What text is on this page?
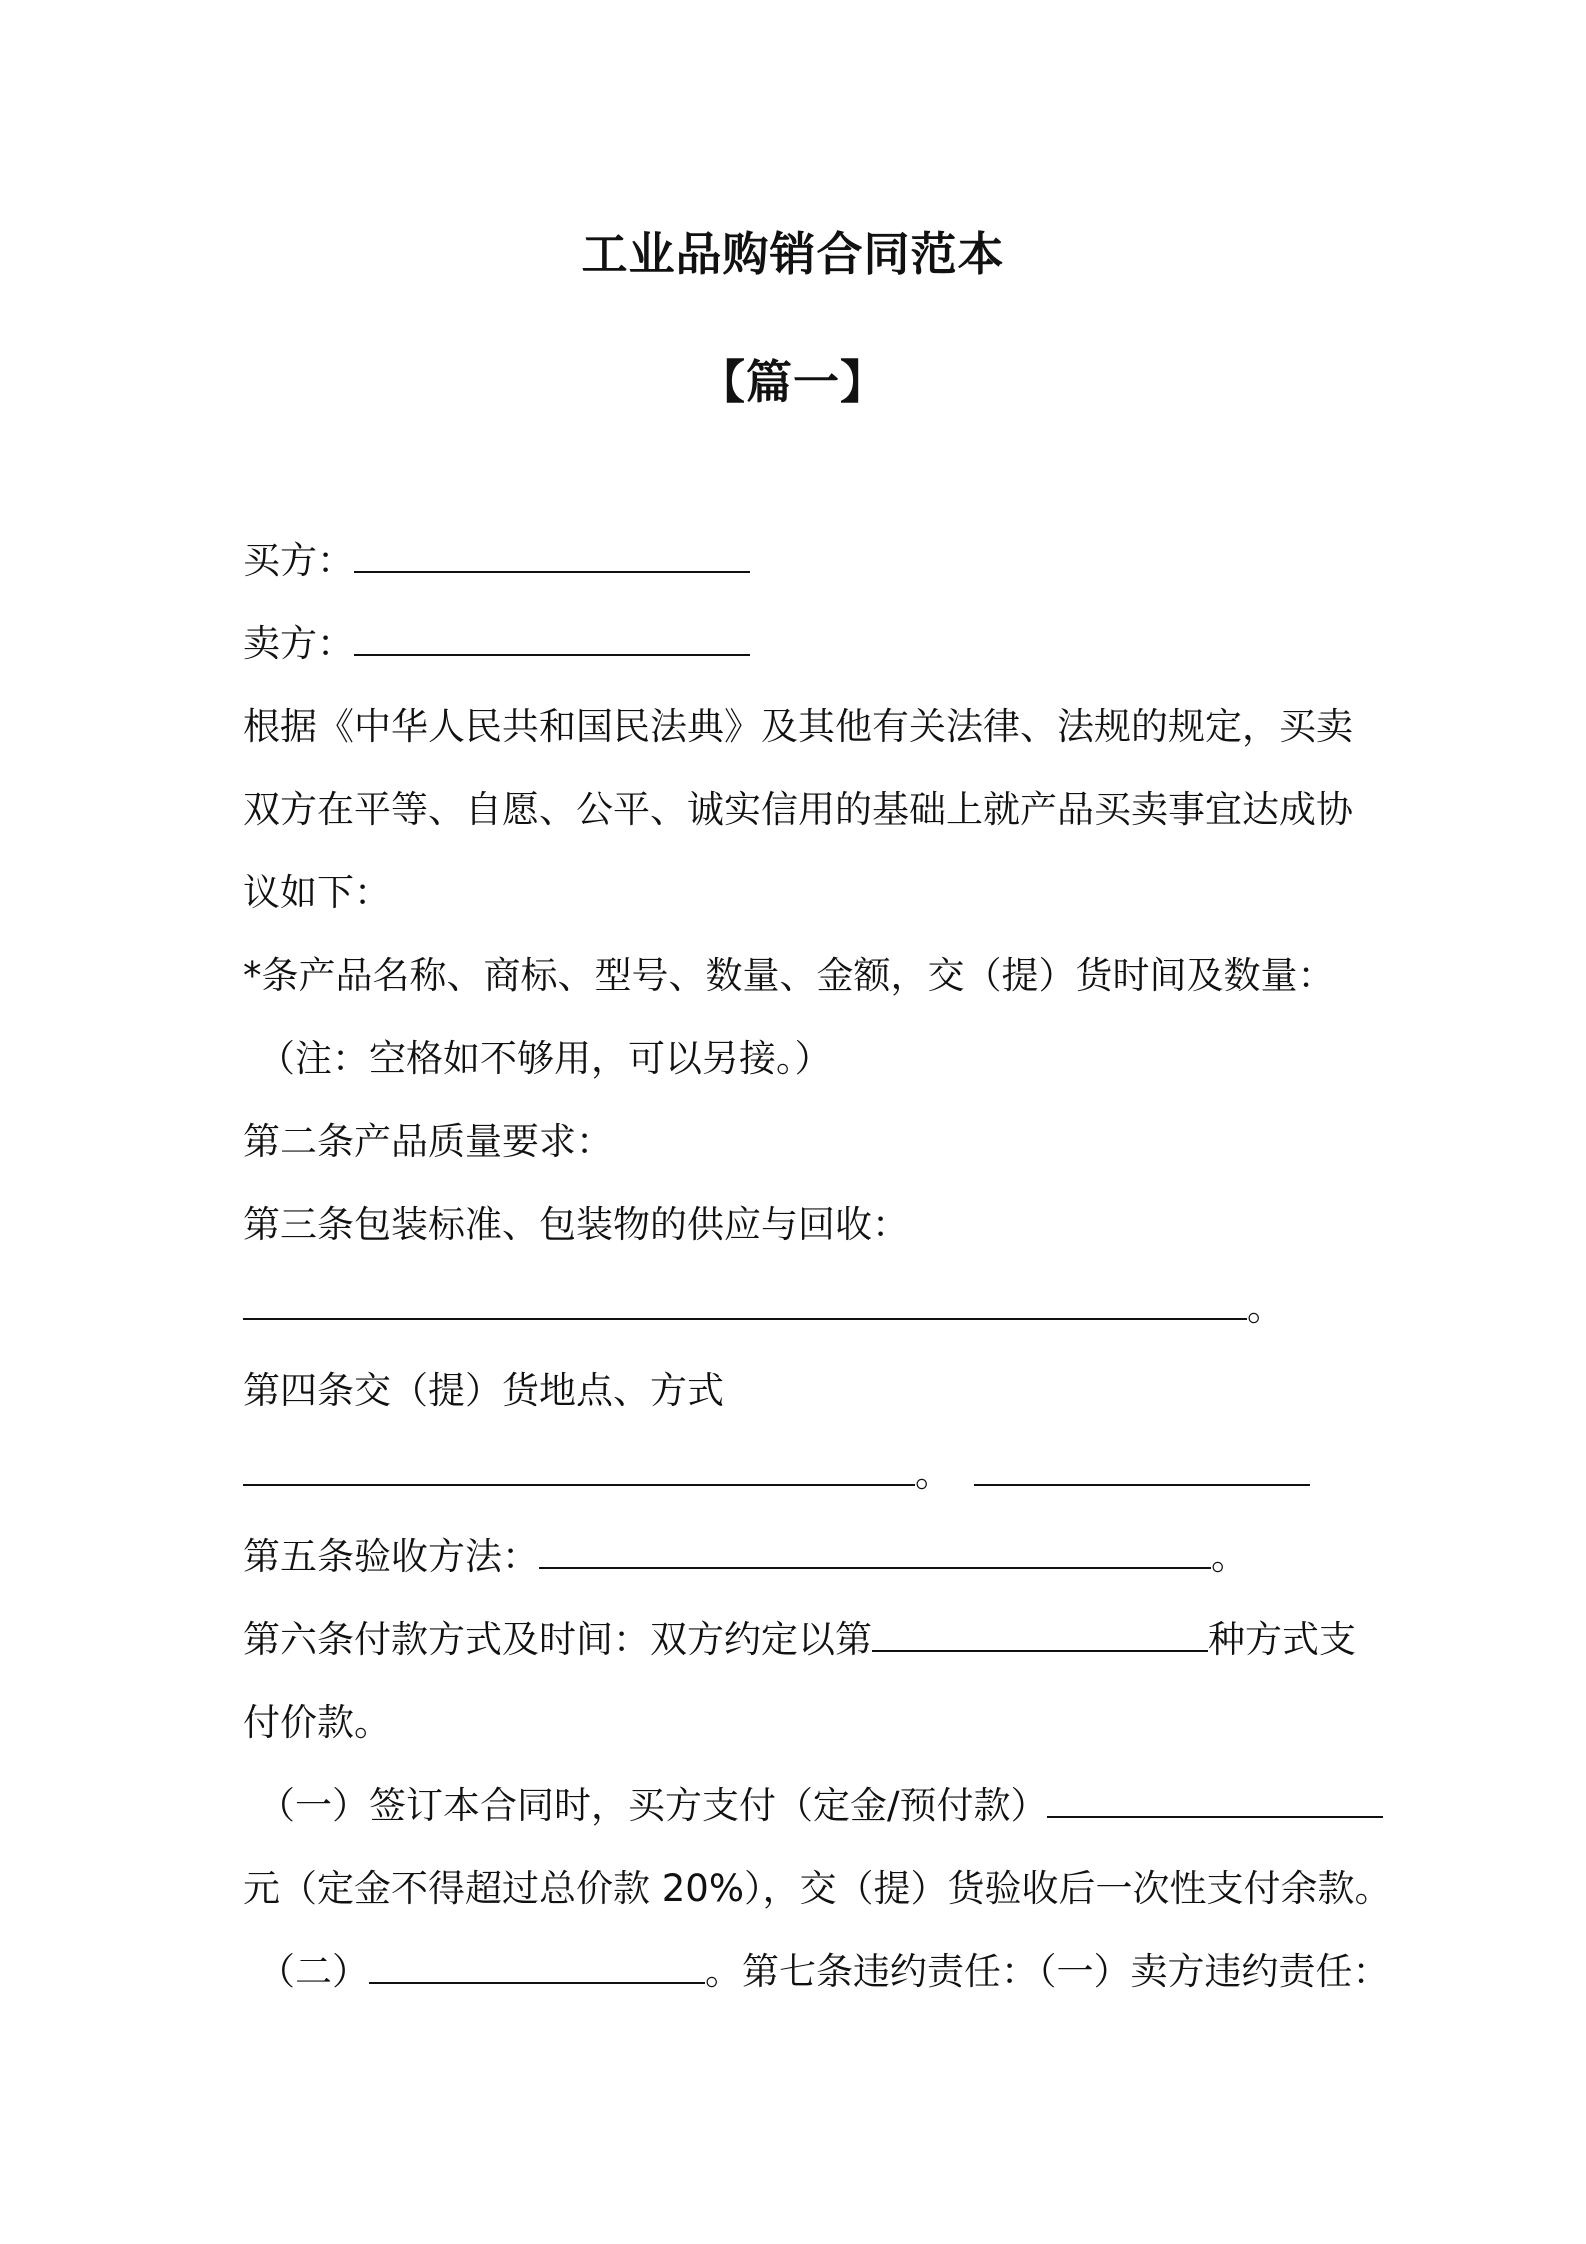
工业品购销合同范本
【篇一】
买方：
卖方：
根据《中华人民共和国民法典》及其他有关法律、法规的规定，买卖
双方在平等、自愿、公平、诚实信用的基础上就产品买卖事宜达成协
议如下：
*条产品名称、商标、型号、数量、金额，交（提）货时间及数量：
（注：空格如不够用，可以另接。）
第二条产品质量要求：
第三条包装标准、包装物的供应与回收：
。
第四条交（提）货地点、方式
。
第五条验收方法：	。
第六条付款方式及时间：双方约定以第	种方式支
付价款。
（一）签订本合同时，买方支付（定金/预付款）
元（定金不得超过总价款 20%），交（提）货验收后一次性支付余款。
（二）	。第七条违约责任：（一）卖方违约责任：
